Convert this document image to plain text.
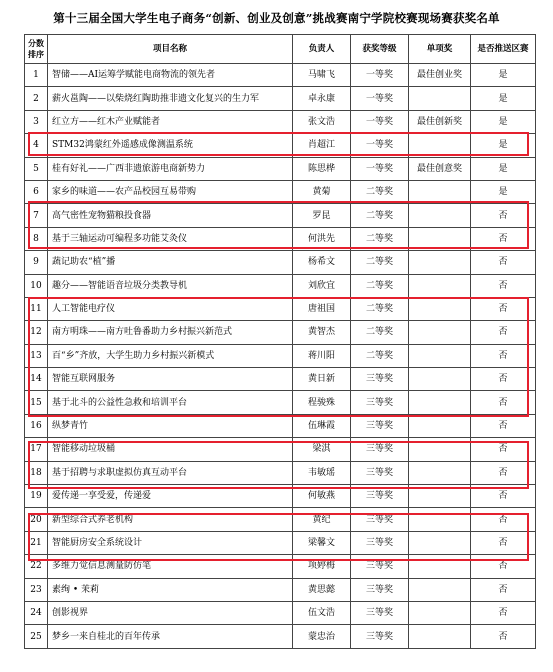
第十三届全国大学生电子商务“创新、创业及创意”挑战赛南宁学院校赛现场赛获奖名单
分数
排序	项目名称	负责人	获奖等级	单项奖	是否推送区赛
1	智储——AI运筹学赋能电商物流的领先者	马啸飞	一等奖	最佳创业奖	是
2	薪火邕陶——以柴烧红陶助推非遗文化复兴的生力军	卓永康	一等奖		是
3	红立方——红木产业赋能者	张文浩	一等奖	最佳创新奖	是
4	STM32鸿蒙红外遥感成像测温系统	肖超江	一等奖		是
5	桂有好礼——广西非遗旅游电商新势力	陈思桦	一等奖	最佳创意奖	是
6	家乡的味道——农产品校园互易带购	黄菊	二等奖		是
7	高气密性宠物猫粮投食器	罗昆	二等奖		否
8	基于三轴运动可编程多功能艾灸仪	何洪先	二等奖		否
9	蔬记助农“植”播	杨希文	二等奖		否
10	趣分——智能语音垃圾分类教导机	刘欣宜	二等奖		否
11	人工智能电疗仪	唐祖国	二等奖		否
12	南方明珠——南方吐鲁番助力乡村振兴新范式	黄智杰	二等奖		否
13	百“乡”齐放，大学生助力乡村振兴新模式	蒋川阳	二等奖		否
14	智能互联网服务	黄日新	三等奖		否
15	基于北斗的公益性急救和培训平台	程骏殊	三等奖		否
16	纵梦青竹	伍琳霞	三等奖		否
17	智能移动垃圾桶	梁淇	三等奖		否
18	基于招聘与求职虚拟仿真互动平台	韦敏瑶	三等奖		否
19	爱传递一享受爱，传递爱	何敏燕	三等奖		否
20	新型综合式养老机构	黄纪	三等奖		否
21	智能厨房安全系统设计	梁馨文	三等奖		否
22	多维力觉信息测量防仿笔	项婷梅	三等奖		否
23	素绚 • 茉莉	黄思懿	三等奖		否
24	创影视界	伍文浩	三等奖		否
25	梦乡一来自桂北的百年传承	蒙忠治	三等奖		否
